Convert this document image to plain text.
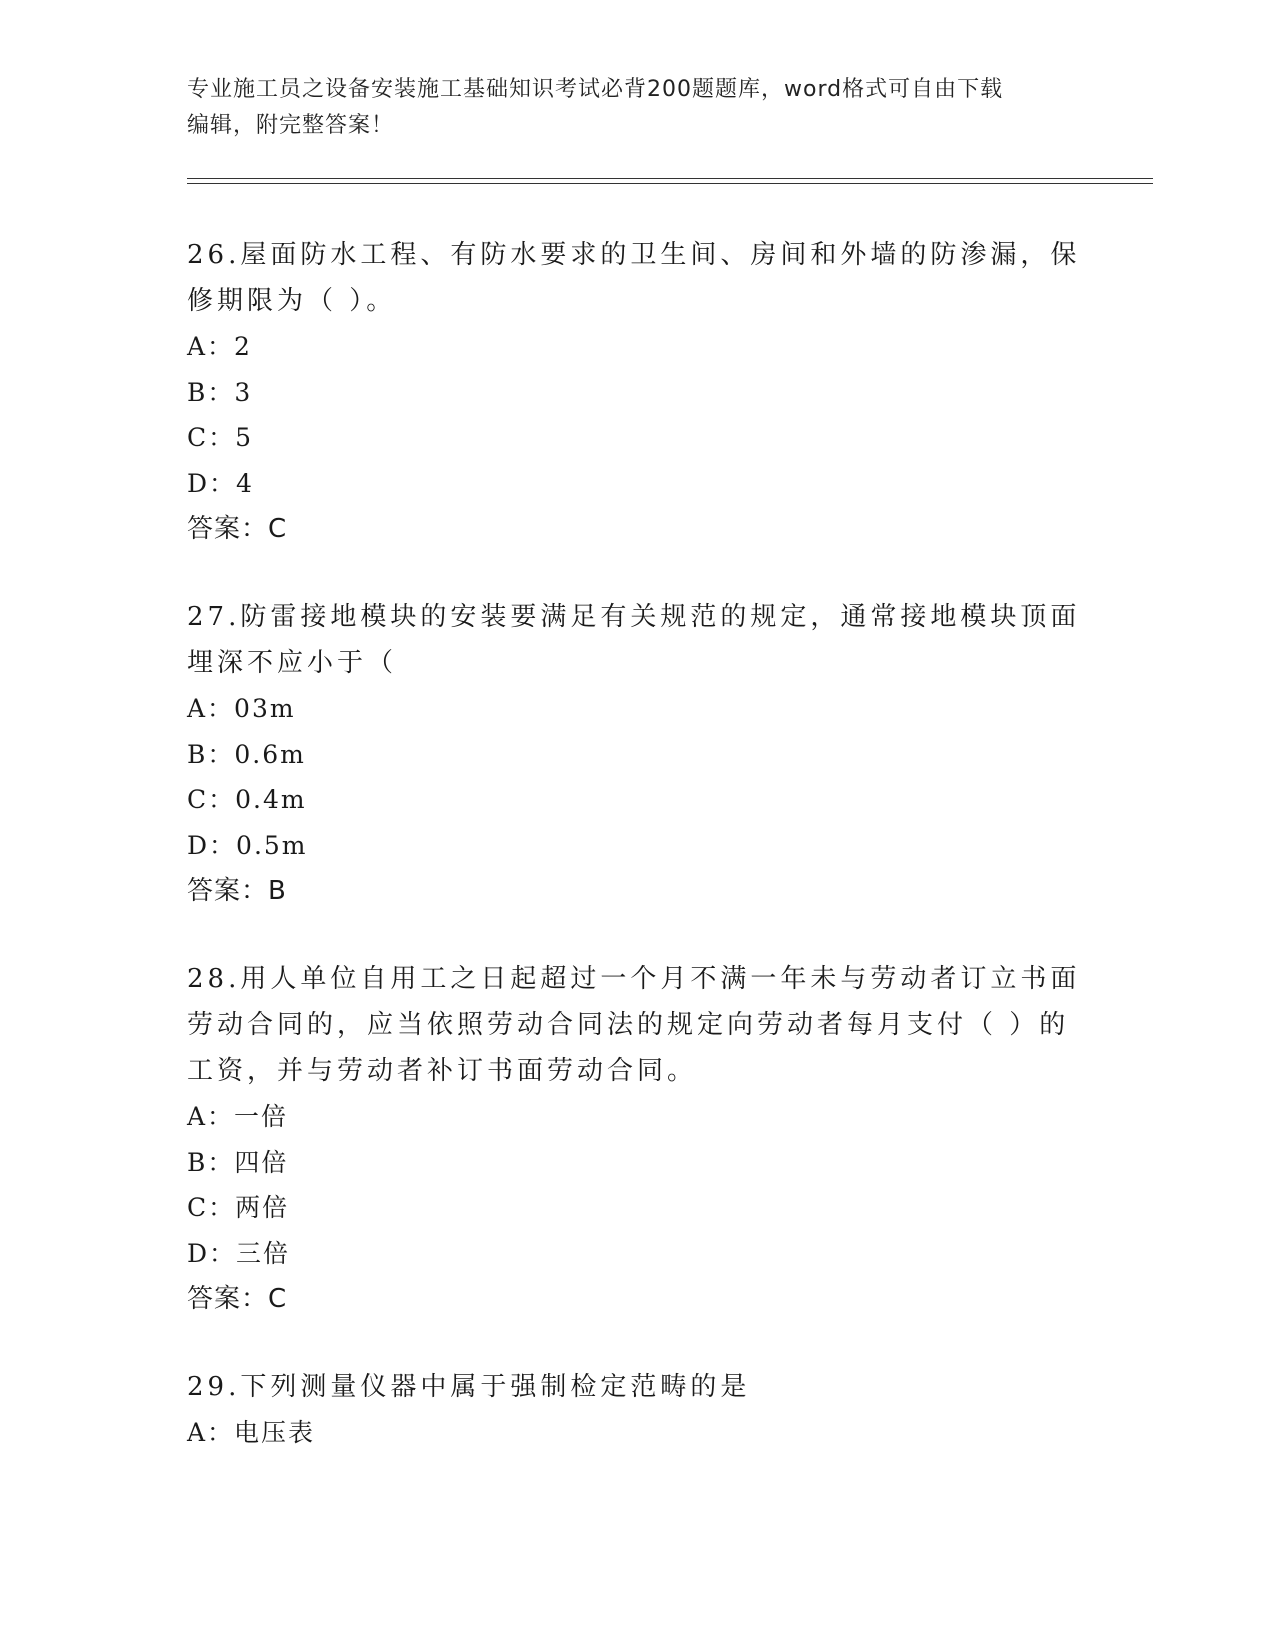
专业施工员之设备安装施工基础知识考试必背200题题库，word格式可自由下载
编辑，附完整答案！

26.屋面防水工程、有防水要求的卫生间、房间和外墙的防渗漏，保修期限为（ ）。

A：2

B：3

C：5

D：4

答案：C

27.防雷接地模块的安装要满足有关规范的规定，通常接地模块顶面埋深不应小于（

A：03m

B：0.6m

C：0.4m

D：0.5m

答案：B

28.用人单位自用工之日起超过一个月不满一年未与劳动者订立书面劳动合同的，应当依照劳动合同法的规定向劳动者每月支付（ ）的工资，并与劳动者补订书面劳动合同。

A：一倍

B：四倍

C：两倍

D：三倍

答案：C

29.下列测量仪器中属于强制检定范畴的是

A：电压表
